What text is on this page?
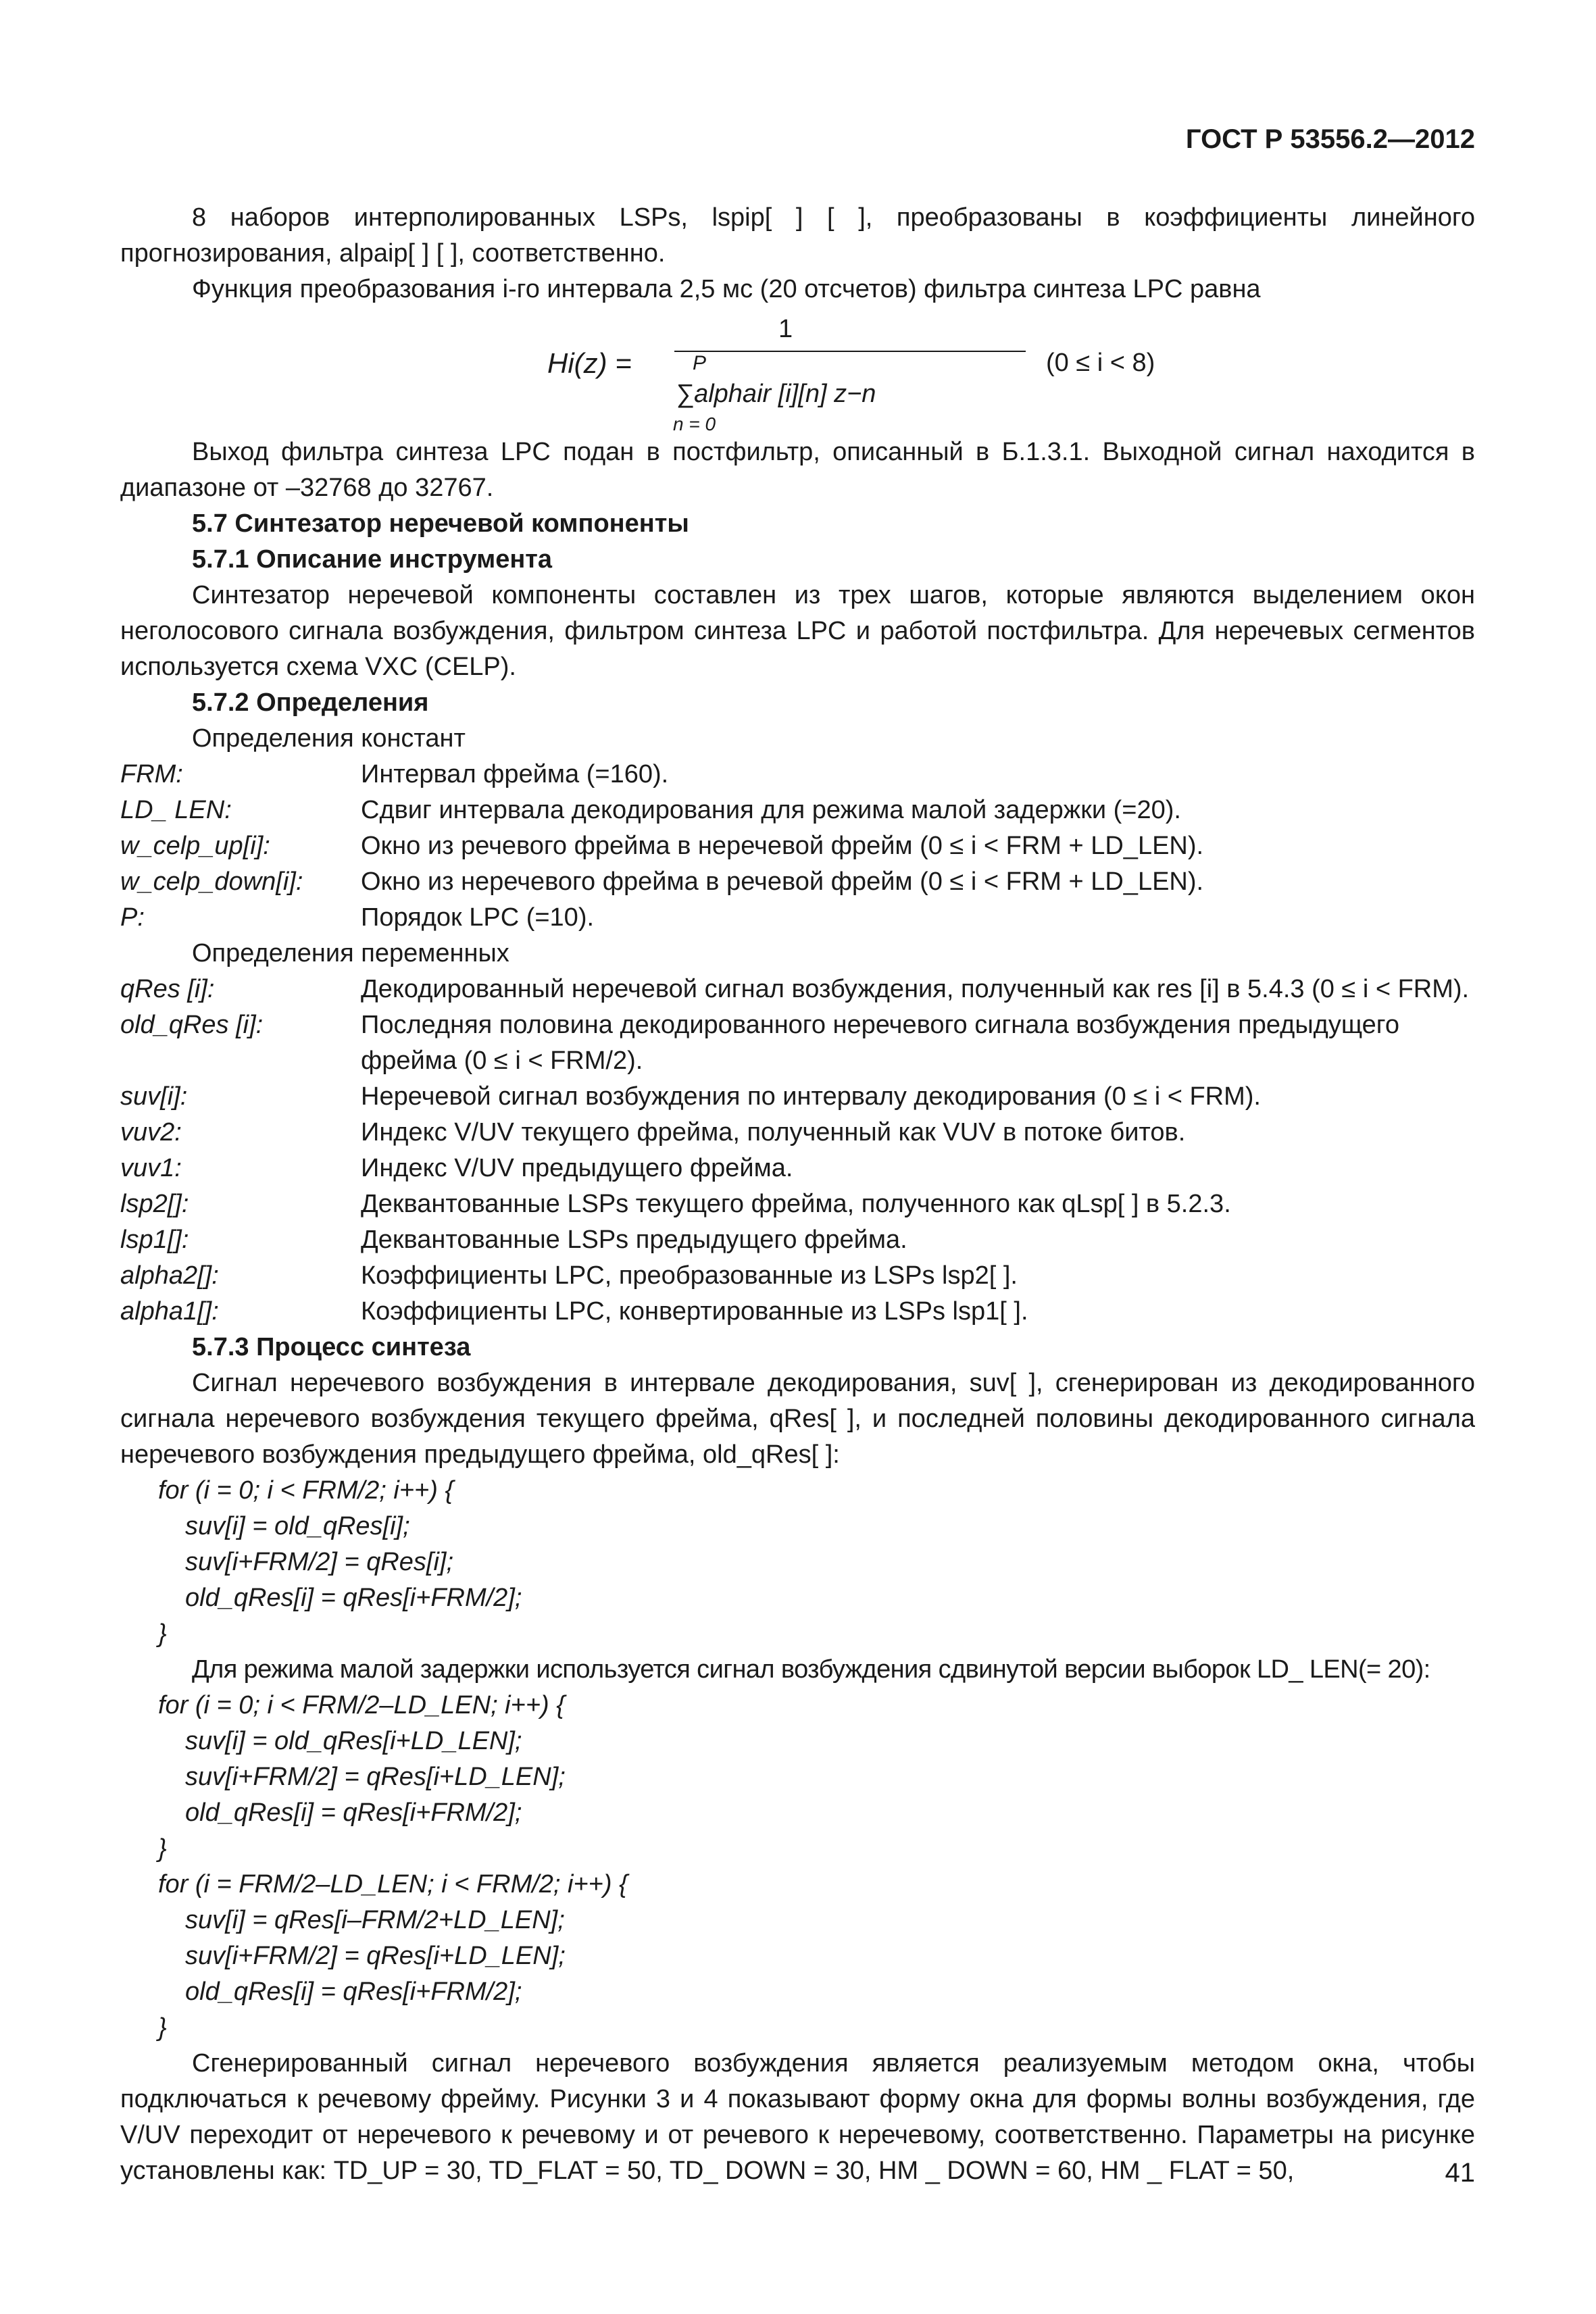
ГОСТ Р 53556.2—2012

8 наборов интерполированных LSPs, lspip[ ] [ ], преобразованы в коэффициенты линейного прогнозирования, alpaip[ ] [ ], соответственно.

Функция преобразования i-го интервала 2,5 мс (20 отсчетов) фильтра синтеза LPC равна

Hi(z) =
1
P
∑alphair [i][n] z−n
n = 0
(0 ≤ i < 8)

Выход фильтра синтеза LPC подан в постфильтр, описанный в Б.1.3.1. Выходной сигнал находится в диапазоне от –32768 до 32767.

5.7 Синтезатор неречевой компоненты

5.7.1 Описание инструмента

Синтезатор неречевой компоненты составлен из трех шагов, которые являются выделением окон неголосового сигнала возбуждения, фильтром синтеза LPC и работой постфильтра. Для неречевых сегментов используется схема VXC (CELP).

5.7.2 Определения

Определения констант

FRM:	Интервал фрейма (=160).
LD_ LEN:	Сдвиг интервала декодирования для режима малой задержки (=20).
w_celp_up[i]:	Окно из речевого фрейма в неречевой фрейм (0 ≤ i < FRM + LD_LEN).
w_celp_down[i]:	Окно из неречевого фрейма в речевой фрейм (0 ≤ i < FRM + LD_LEN).
P:	Порядок LPC (=10).

Определения переменных

qRes [i]:	Декодированный неречевой сигнал возбуждения, полученный как res [i] в 5.4.3 (0 ≤ i < FRM).
old_qRes [i]:	Последняя половина декодированного неречевого сигнала возбуждения предыдущего фрейма (0 ≤ i < FRM/2).
suv[i]:	Неречевой сигнал возбуждения по интервалу декодирования (0 ≤ i < FRM).
vuv2:	Индекс V/UV текущего фрейма, полученный как VUV в потоке битов.
vuv1:	Индекс V/UV предыдущего фрейма.
lsp2[]:	Деквантованные LSPs текущего фрейма, полученного как qLsp[ ] в 5.2.3.
lsp1[]:	Деквантованные LSPs предыдущего фрейма.
alpha2[]:	Коэффициенты LPC, преобразованные из LSPs lsp2[ ].
alpha1[]:	Коэффициенты LPC, конвертированные из LSPs lsp1[ ].

5.7.3 Процесс синтеза

Сигнал неречевого возбуждения в интервале декодирования, suv[ ], сгенерирован из декодированного сигнала неречевого возбуждения текущего фрейма, qRes[ ], и последней половины декодированного сигнала неречевого возбуждения предыдущего фрейма, old_qRes[ ]:

for (i = 0; i < FRM/2; i++) {
suv[i] = old_qRes[i];
suv[i+FRM/2] = qRes[i];
old_qRes[i] = qRes[i+FRM/2];
}

Для режима малой задержки используется сигнал возбуждения сдвинутой версии выборок LD_ LEN(= 20):

for (i = 0; i < FRM/2–LD_LEN; i++) {
suv[i] = old_qRes[i+LD_LEN];
suv[i+FRM/2] = qRes[i+LD_LEN];
old_qRes[i] = qRes[i+FRM/2];
}
for (i = FRM/2–LD_LEN; i < FRM/2; i++) {
suv[i] = qRes[i–FRM/2+LD_LEN];
suv[i+FRM/2] = qRes[i+LD_LEN];
old_qRes[i] = qRes[i+FRM/2];
}

Сгенерированный сигнал неречевого возбуждения является реализуемым методом окна, чтобы подключаться к речевому фрейму. Рисунки 3 и 4 показывают форму окна для формы волны возбуждения, где V/UV переходит от неречевого к речевому и от речевого к неречевому, соответственно. Параметры на рисунке установлены как: TD_UP = 30, TD_FLAT = 50, TD_ DOWN = 30, HM _ DOWN = 60, HM _ FLAT = 50,	41
